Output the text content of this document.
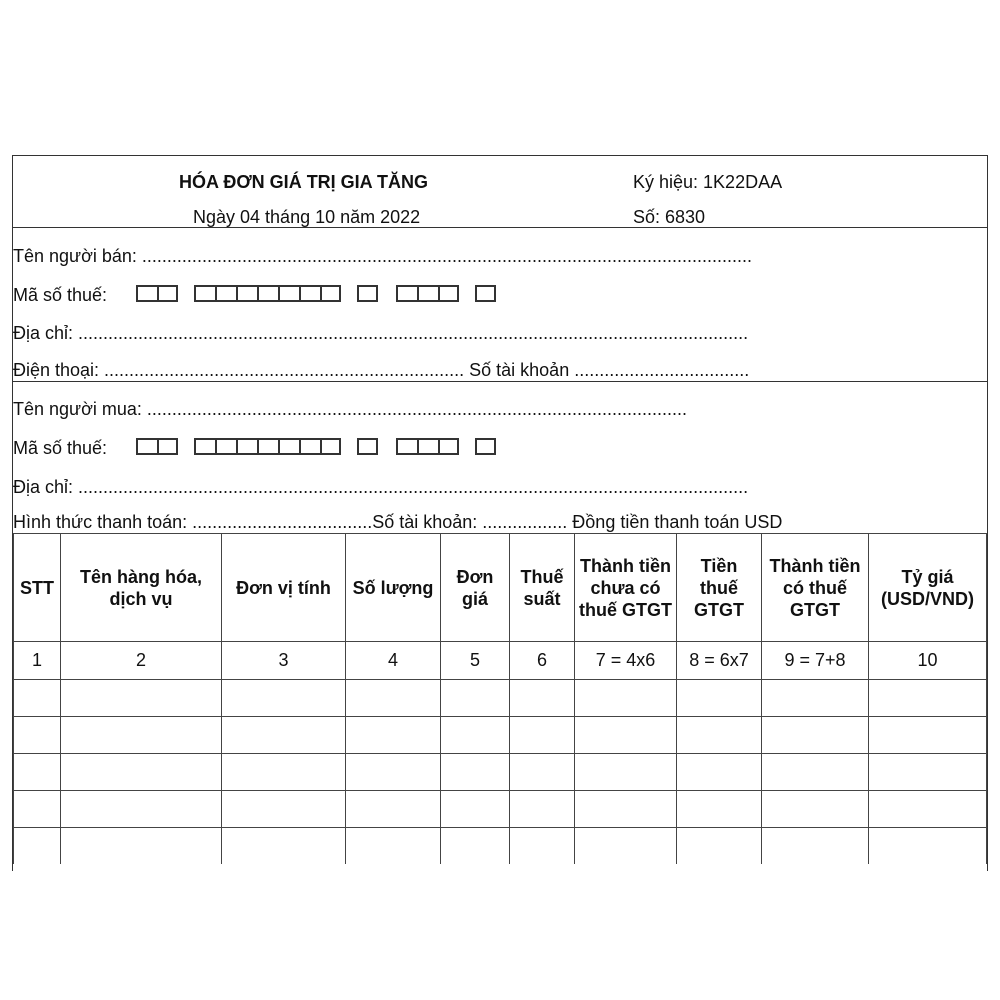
HÓA ĐƠN GIÁ TRỊ GIA TĂNG
Ngày 04 tháng 10 năm 2022
Ký hiệu: 1K22DAA
Số: 6830
Tên người bán: ..........................................................................................................................
Mã số thuế:
Địa chỉ: ......................................................................................................................................
Điện thoại: ........................................................................ Số tài khoản ...................................
Tên người mua: ............................................................................................................
Mã số thuế:
Địa chỉ: ......................................................................................................................................
Hình thức thanh toán: ....................................Số tài khoản: ................. Đồng tiền thanh toán USD
STT	Tên hàng hóa, dịch vụ	Đơn vị tính	Số lượng	Đơn giá	Thuế suất	Thành tiền chưa có thuế GTGT	Tiền thuế GTGT	Thành tiền có thuế GTGT	Tỷ giá (USD/VND)

1	2	3	4	5	6	7 = 4x6	8 = 6x7	9 = 7+8	10
